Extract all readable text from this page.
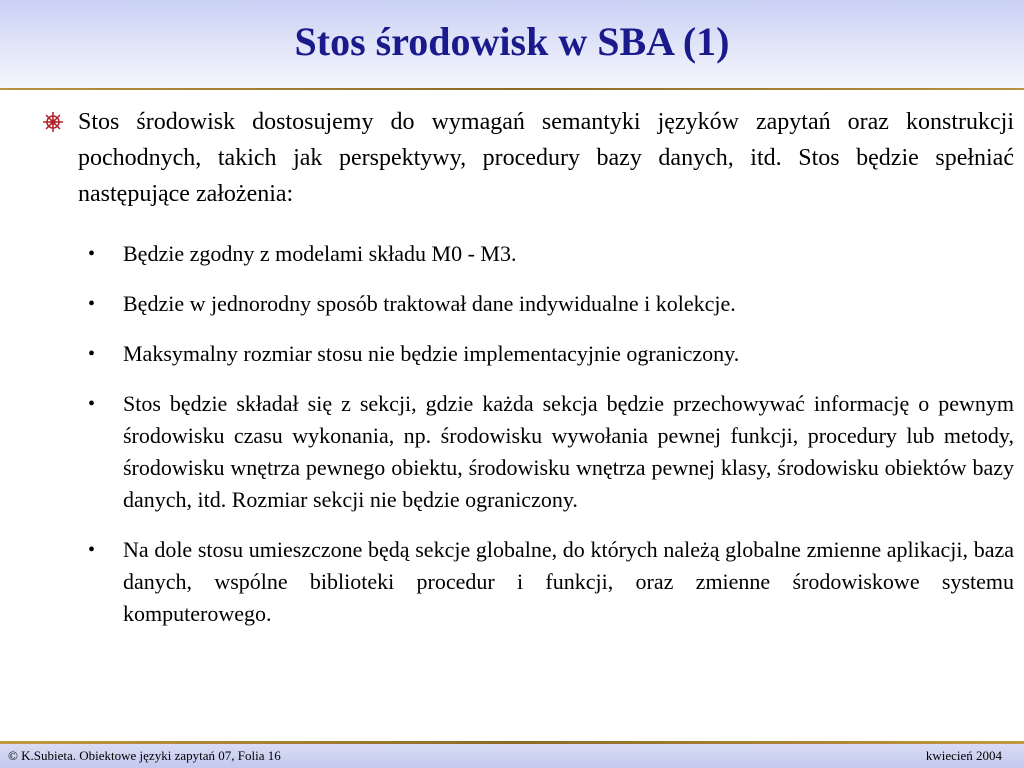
Stos środowisk w SBA (1)
Stos środowisk dostosujemy do wymagań semantyki języków zapytań oraz konstrukcji pochodnych, takich jak perspektywy, procedury bazy danych, itd. Stos będzie spełniać następujące założenia:
•	Będzie zgodny z modelami składu M0 - M3.
•	Będzie w jednorodny sposób traktował dane indywidualne i kolekcje.
•	Maksymalny rozmiar stosu nie będzie implementacyjnie ograniczony.
•	Stos będzie składał się z sekcji, gdzie każda sekcja będzie przechowywać informację o pewnym środowisku czasu wykonania, np. środowisku wywołania pewnej funkcji, procedury lub metody, środowisku wnętrza pewnego obiektu, środowisku wnętrza pewnej klasy, środowisku obiektów bazy danych, itd. Rozmiar sekcji nie będzie ograniczony.
•	Na dole stosu umieszczone będą sekcje globalne, do których należą globalne zmienne aplikacji, baza danych, wspólne biblioteki procedur i funkcji, oraz zmienne środowiskowe systemu komputerowego.
© K.Subieta. Obiektowe języki zapytań 07, Folia 16	kwiecień 2004
